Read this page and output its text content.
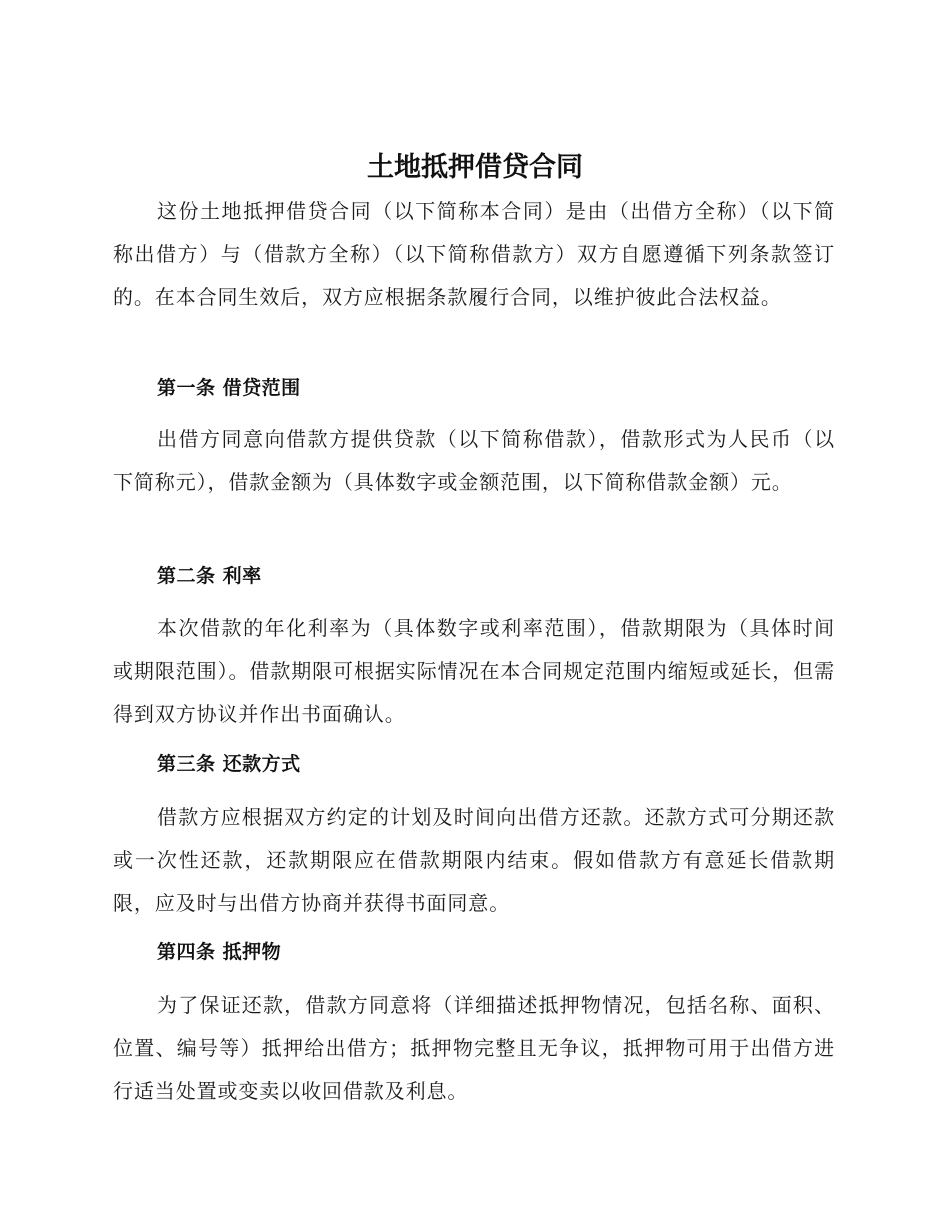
土地抵押借贷合同

这份土地抵押借贷合同（以下简称本合同）是由（出借方全称）（以下简称出借方）与（借款方全称）（以下简称借款方）双方自愿遵循下列条款签订的。在本合同生效后，双方应根据条款履行合同，以维护彼此合法权益。

第一条 借贷范围

出借方同意向借款方提供贷款（以下简称借款），借款形式为人民币（以下简称元），借款金额为（具体数字或金额范围，以下简称借款金额）元。

第二条 利率

本次借款的年化利率为（具体数字或利率范围），借款期限为（具体时间或期限范围）。借款期限可根据实际情况在本合同规定范围内缩短或延长，但需得到双方协议并作出书面确认。

第三条 还款方式

借款方应根据双方约定的计划及时间向出借方还款。还款方式可分期还款或一次性还款，还款期限应在借款期限内结束。假如借款方有意延长借款期限，应及时与出借方协商并获得书面同意。

第四条 抵押物

为了保证还款，借款方同意将（详细描述抵押物情况，包括名称、面积、位置、编号等）抵押给出借方；抵押物完整且无争议，抵押物可用于出借方进行适当处置或变卖以收回借款及利息。
